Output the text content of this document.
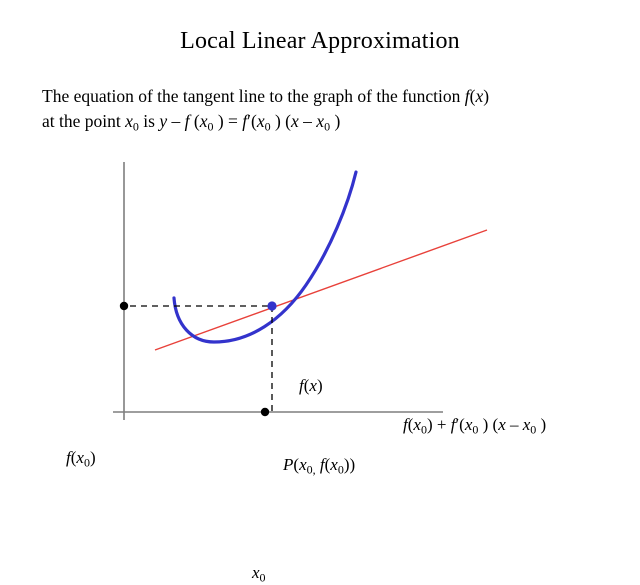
Local Linear Approximation
The equation of the tangent line to the graph of the function f(x)
at the point x0 is y – f (x0 ) = f′(x0 ) (x – x0 )
f(x)
f(x0) + f′(x0 ) (x – x0 )
f(x0)	P(x0, f(x0))
x0
